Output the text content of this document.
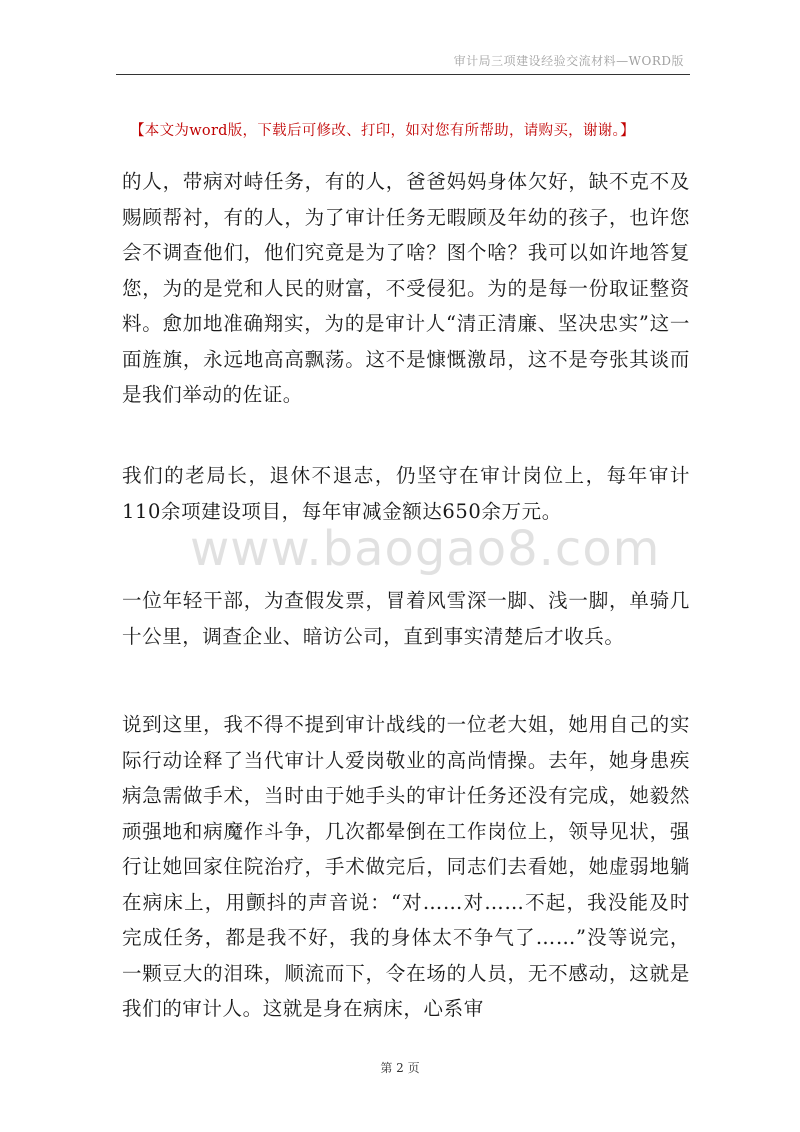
审计局三项建设经验交流材料—WORD版
【本文为word版，下载后可修改、打印，如对您有所帮助，请购买，谢谢。】

的人，带病对峙任务，有的人，爸爸妈妈身体欠好，缺不克不及赐顾帮衬，有的人，为了审计任务无暇顾及年幼的孩子，也许您会不调查他们，他们究竟是为了啥？图个啥？我可以如许地答复您，为的是党和人民的财富，不受侵犯。为的是每一份取证整资料。愈加地准确翔实，为的是审计人“清正清廉、坚决忠实”这一面旌旗，永远地高高飘荡。这不是慷慨激昂，这不是夸张其谈而是我们举动的佐证。

我们的老局长，退休不退志，仍坚守在审计岗位上，每年审计110余项建设项目，每年审减金额达650余万元。

一位年轻干部，为查假发票，冒着风雪深一脚、浅一脚，单骑几十公里，调查企业、暗访公司，直到事实清楚后才收兵。

说到这里，我不得不提到审计战线的一位老大姐，她用自己的实际行动诠释了当代审计人爱岗敬业的高尚情操。去年，她身患疾病急需做手术，当时由于她手头的审计任务还没有完成，她毅然顽强地和病魔作斗争，几次都晕倒在工作岗位上，领导见状，强行让她回家住院治疗，手术做完后，同志们去看她，她虚弱地躺在病床上，用颤抖的声音说：“对……对……不起，我没能及时完成任务，都是我不好，我的身体太不争气了……”没等说完，一颗豆大的泪珠，顺流而下，令在场的人员，无不感动，这就是我们的审计人。这就是身在病床，心系审

www.baogao8.com
第 2 页
